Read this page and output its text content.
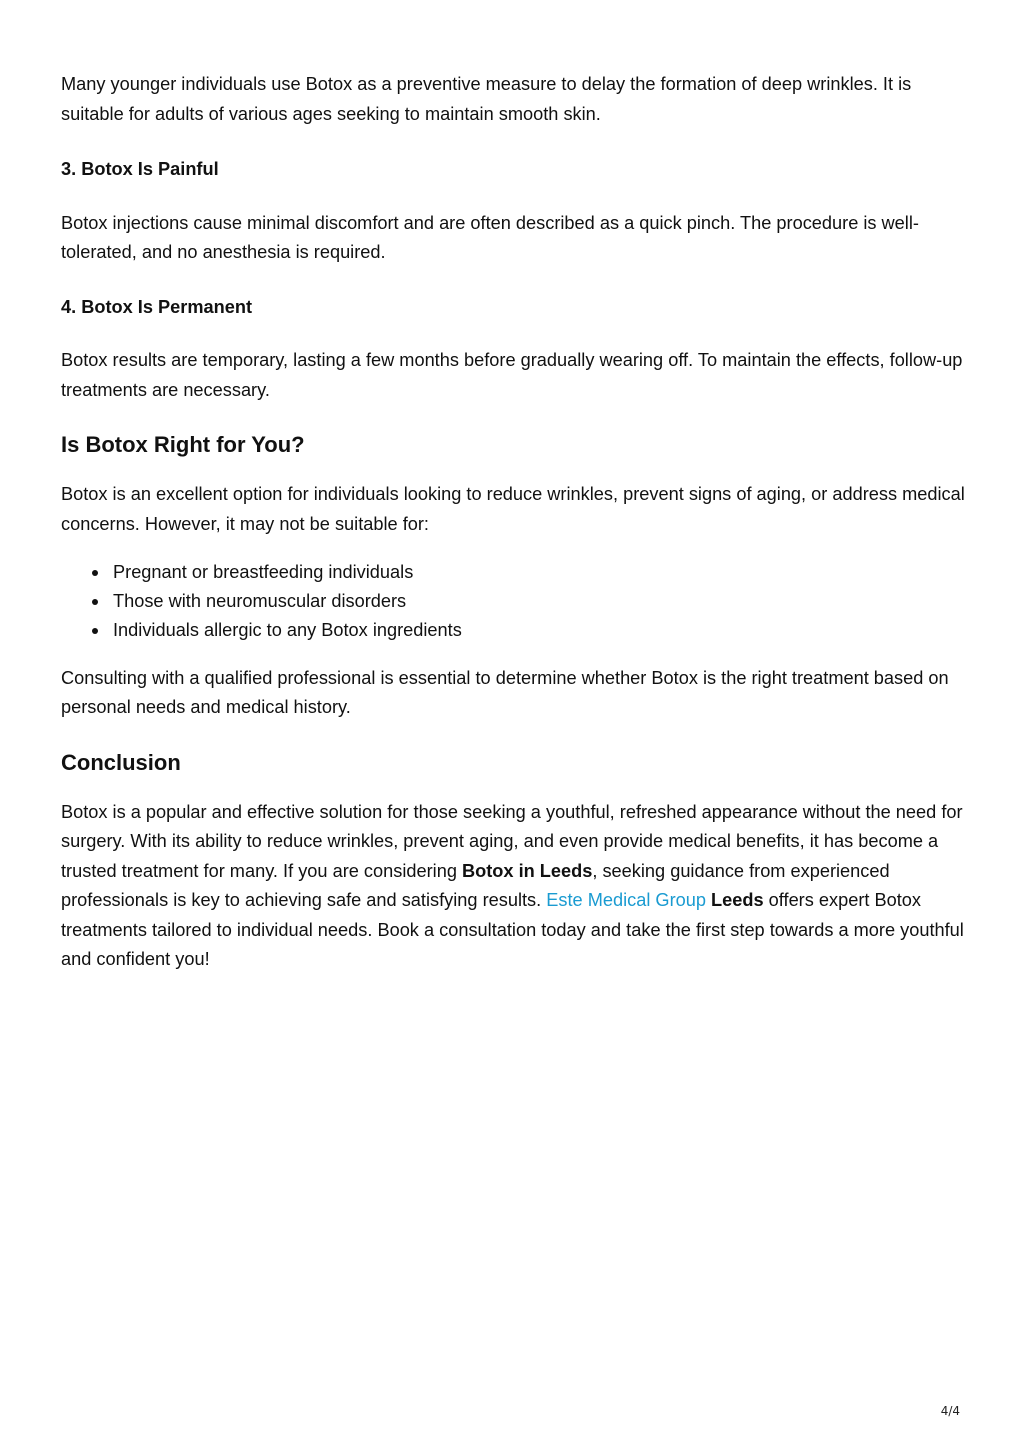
Many younger individuals use Botox as a preventive measure to delay the formation of deep wrinkles. It is suitable for adults of various ages seeking to maintain smooth skin.

3. Botox Is Painful

Botox injections cause minimal discomfort and are often described as a quick pinch. The procedure is well-tolerated, and no anesthesia is required.

4. Botox Is Permanent

Botox results are temporary, lasting a few months before gradually wearing off. To maintain the effects, follow-up treatments are necessary.

Is Botox Right for You?

Botox is an excellent option for individuals looking to reduce wrinkles, prevent signs of aging, or address medical concerns. However, it may not be suitable for:

Pregnant or breastfeeding individuals
Those with neuromuscular disorders
Individuals allergic to any Botox ingredients

Consulting with a qualified professional is essential to determine whether Botox is the right treatment based on personal needs and medical history.

Conclusion

Botox is a popular and effective solution for those seeking a youthful, refreshed appearance without the need for surgery. With its ability to reduce wrinkles, prevent aging, and even provide medical benefits, it has become a trusted treatment for many. If you are considering Botox in Leeds, seeking guidance from experienced professionals is key to achieving safe and satisfying results. Este Medical Group Leeds offers expert Botox treatments tailored to individual needs. Book a consultation today and take the first step towards a more youthful and confident you!

4/4
